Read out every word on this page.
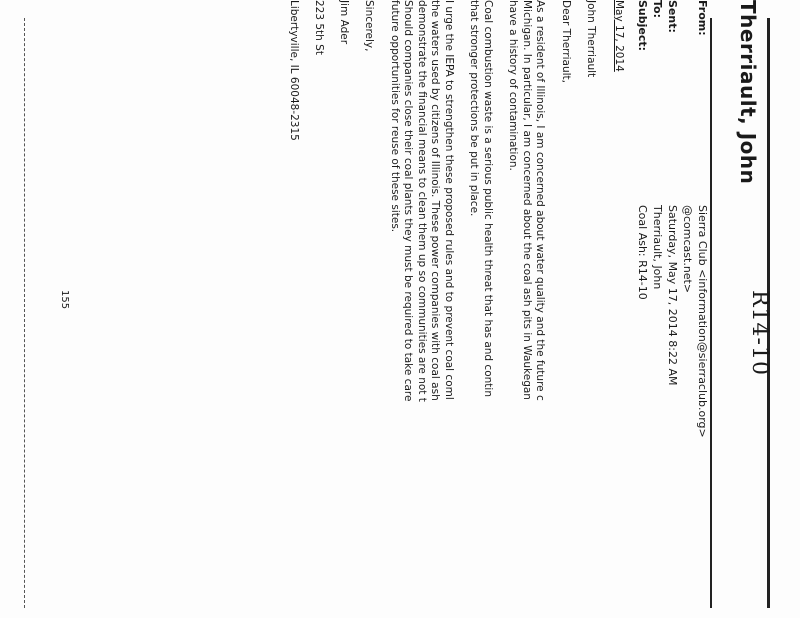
R14-10
Therriault, John
From:
Sierra Club <information@sierraclub.org>
@comcast.net>
Sent:
Saturday, May 17, 2014 8:22 AM
To:
Therriault, John
Subject:
Coal Ash: R14-10

May 17, 2014

John Therriault

Dear Therriault,

As a resident of Illinois, I am concerned about water quality and the future c
Michigan. In particular, I am concerned about the coal ash pits in Waukegan
have a history of contamination.

Coal combustion waste is a serious public health threat that has and contin
that stronger protections be put in place.

I urge the IEPA to strengthen these proposed rules and to prevent coal coml
the waters used by citizens of Illinois. These power companies with coal ash
demonstrate the financial means to clean them up so communities are not t
Should companies close their coal plants they must be required to take care
future opportunities for reuse of these sites.

Sincerely,

Jim Ader

223 5th St

Libertyville, IL 60048-2315

155
